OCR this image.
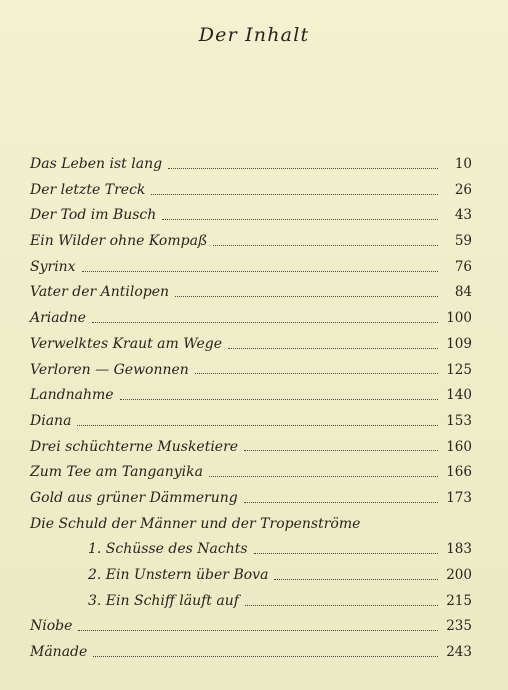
Der Inhalt
Das Leben ist lang	10
Der letzte Treck	26
Der Tod im Busch	43
Ein Wilder ohne Kompaß	59
Syrinx	76
Vater der Antilopen	84
Ariadne	100
Verwelktes Kraut am Wege	109
Verloren — Gewonnen	125
Landnahme	140
Diana	153
Drei schüchterne Musketiere	160
Zum Tee am Tanganyika	166
Gold aus grüner Dämmerung	173
Die Schuld der Männer und der Tropenströme
1. Schüsse des Nachts	183
2. Ein Unstern über Bova	200
3. Ein Schiff läuft auf	215
Niobe	235
Mänade	243
